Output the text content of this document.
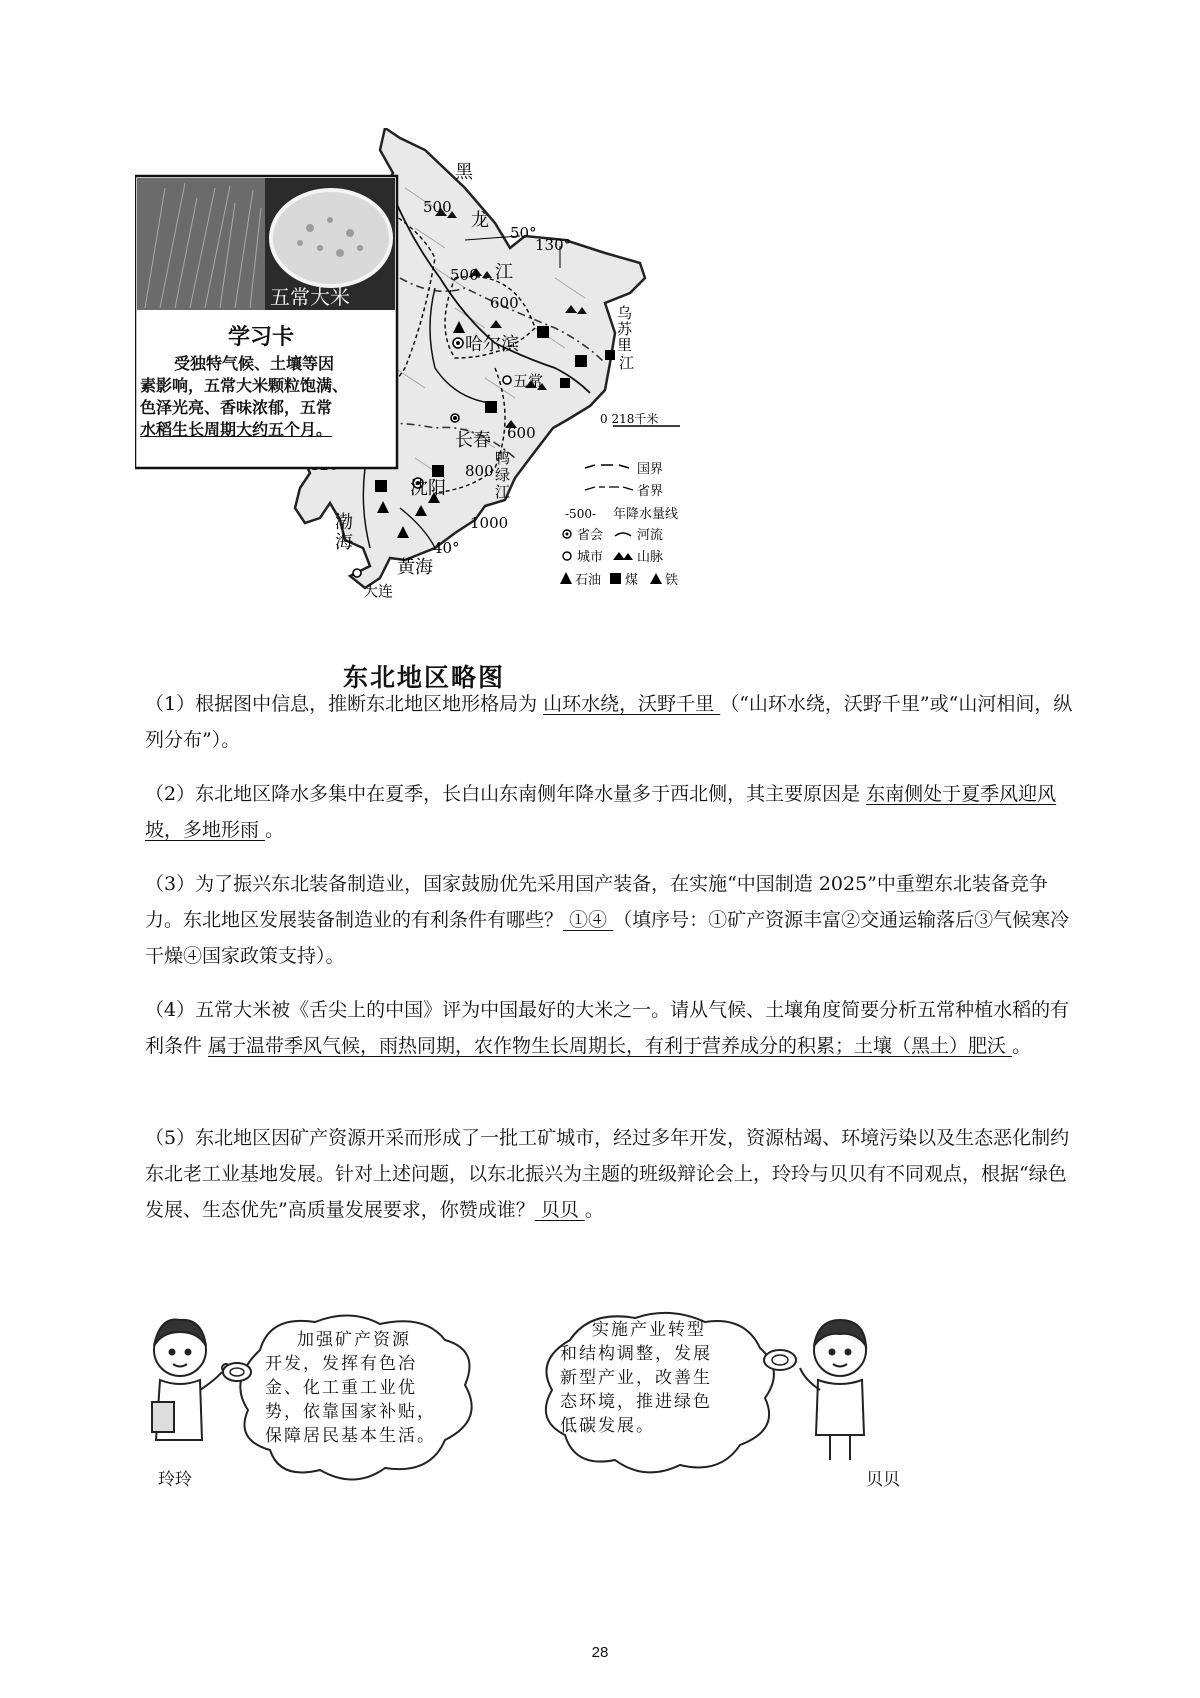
黑
龙
江
50°
130°
40°
500
500
600
600
800
1000
哈尔滨
五常
长春
沈阳
大连
渤
海
黄海
乌
苏
里
江
鸭
绿
江
0 218千米
国界
省界
-500- 年降水量线
省会	河流
城市	山脉
石油 煤 铁
五常大米
学习卡
受独特气候、土壤等因
素影响，五常大米颗粒饱满、
色泽光亮、香味浓郁，五常
水稻生长周期大约五个月。
东北地区略图
（1）根据图中信息，推断东北地区地形格局为 山环水绕，沃野千里 （“山环水绕，沃野千里”或“山河相间，纵列分布”）。
（2）东北地区降水多集中在夏季，长白山东南侧年降水量多于西北侧，其主要原因是 东南侧处于夏季风迎风坡，多地形雨 。
（3）为了振兴东北装备制造业，国家鼓励优先采用国产装备，在实施“中国制造 2025”中重塑东北装备竞争力。东北地区发展装备制造业的有利条件有哪些？ ①④ （填序号：①矿产资源丰富②交通运输落后③气候寒冷干燥④国家政策支持）。
（4）五常大米被《舌尖上的中国》评为中国最好的大米之一。请从气候、土壤角度简要分析五常种植水稻的有利条件 属于温带季风气候，雨热同期，农作物生长周期长，有利于营养成分的积累；土壤（黑土）肥沃 。
（5）东北地区因矿产资源开采而形成了一批工矿城市，经过多年开发，资源枯竭、环境污染以及生态恶化制约东北老工业基地发展。针对上述问题，以东北振兴为主题的班级辩论会上，玲玲与贝贝有不同观点，根据“绿色发展、生态优先”高质量发展要求，你赞成谁？ 贝贝 。
加强矿产资源
开发，发挥有色冶
金、化工重工业优
势，依靠国家补贴，
保障居民基本生活。
实施产业转型
和结构调整，发展
新型产业，改善生
态环境，推进绿色
低碳发展。
玲玲	贝贝
28
